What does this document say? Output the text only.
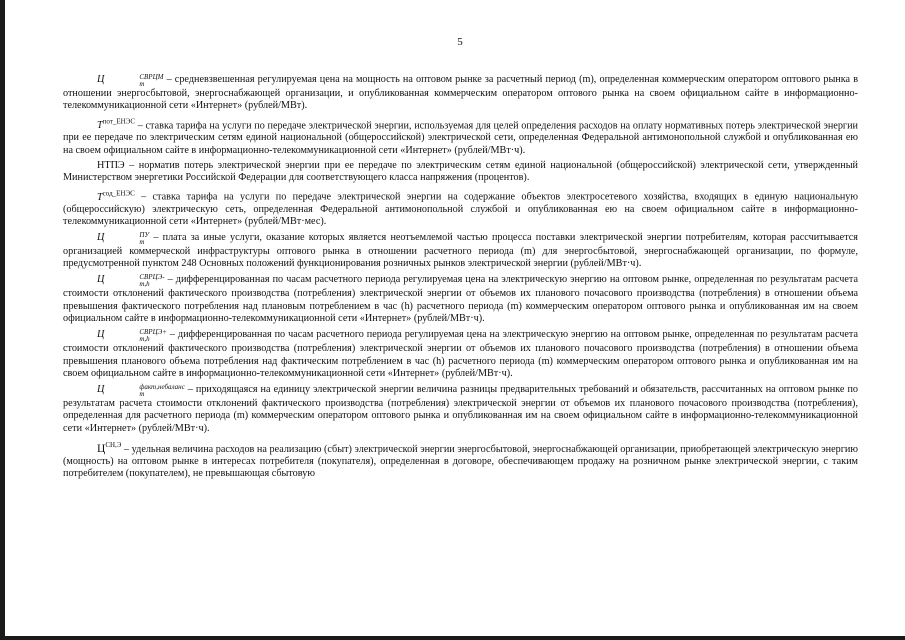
5

Ц	СВРЦМ
m	– средневзвешенная регулируемая цена на мощность на оптовом рынке за расчетный период (m), определенная коммерческим оператором оптового рынка в отношении энергосбытовой, энергоснабжающей организации, и опубликованная коммерческим оператором оптового рынка на своем официальном сайте в информационно-телекоммуникационной сети «Интернет» (рублей/МВт).

$Т^{пот\_ЕНЭС}$ – ставка тарифа на услуги по передаче электрической энергии, используемая для целей определения расходов на оплату нормативных потерь электрической энергии при ее передаче по электрическим сетям единой национальной (общероссийской) электрической сети, определенная Федеральной антимонопольной службой и опубликованная ею на своем официальном сайте в информационно-телекоммуникационной сети «Интернет» (рублей/МВт·ч).

НТПЭ – норматив потерь электрической энергии при ее передаче по электрическим сетям единой национальной (общероссийской) электрической сети, утвержденный Министерством энергетики Российской Федерации для соответствующего класса напряжения (процентов).

$Т^{сод\_ЕНЭС}$ – ставка тарифа на услуги по передаче электрической энергии на содержание объектов электросетевого хозяйства, входящих в единую национальную (общероссийскую) электрическую сеть, определенная Федеральной антимонопольной службой и опубликованная ею на своем официальном сайте в информационно-телекоммуникационной сети «Интернет» (рублей/МВт·мес).

Ц	ПУ
m – плата за иные услуги, оказание которых является неотъемлемой частью процесса поставки электрической энергии потребителям, которая рассчитывается организацией коммерческой инфраструктуры оптового рынка в отношении расчетного периода (m) для энергосбытовой, энергоснабжающей организации, по формуле, предусмотренной пунктом 248 Основных положений функционирования розничных рынков электрической энергии (рублей/МВт·ч).

Ц	СВРЦЭ-
m,h	– дифференцированная по часам расчетного периода регулируемая цена на электрическую энергию на оптовом рынке, определенная по результатам расчета стоимости отклонений фактического производства (потребления) электрической энергии от объемов их планового почасового производства (потребления) в отношении объема превышения фактического потребления над плановым потреблением в час (h) расчетного периода (m) коммерческим оператором оптового рынка и опубликованная им на своем официальном сайте в информационно-телекоммуникационной сети «Интернет» (рублей/МВт·ч).

Ц	СВРЦЭ+
m,h	– дифференцированная по часам расчетного периода регулируемая цена на электрическую энергию на оптовом рынке, определенная по результатам расчета стоимости отклонений фактического производства (потребления) электрической энергии от объемов их планового почасового производства (потребления) в отношении объема превышения планового объема потребления над фактическим потреблением в час (h) расчетного периода (m) коммерческим оператором оптового рынка и опубликованная им на своем официальном сайте в информационно-телекоммуникационной сети «Интернет» (рублей/МВт·ч).

Ц	факт,небаланс
m	– приходящаяся на единицу электрической энергии величина разницы предварительных требований и обязательств, рассчитанных на оптовом рынке по результатам расчета стоимости отклонений фактического производства (потребления) электрической энергии от объемов их планового почасового производства (потребления), определенная для расчетного периода (m) коммерческим оператором оптового рынка и опубликованная им на своем официальном сайте в информационно-телекоммуникационной сети «Интернет» (рублей/МВт·ч).

$Ц^{СН,Э}$ – удельная величина расходов на реализацию (сбыт) электрической энергии энергосбытовой, энергоснабжающей организации, приобретающей электрическую энергию (мощность) на оптовом рынке в интересах потребителя (покупателя), определенная в договоре, обеспечивающем продажу на розничном рынке электрической энергии, с таким потребителем (покупателем), не превышающая сбытовую
